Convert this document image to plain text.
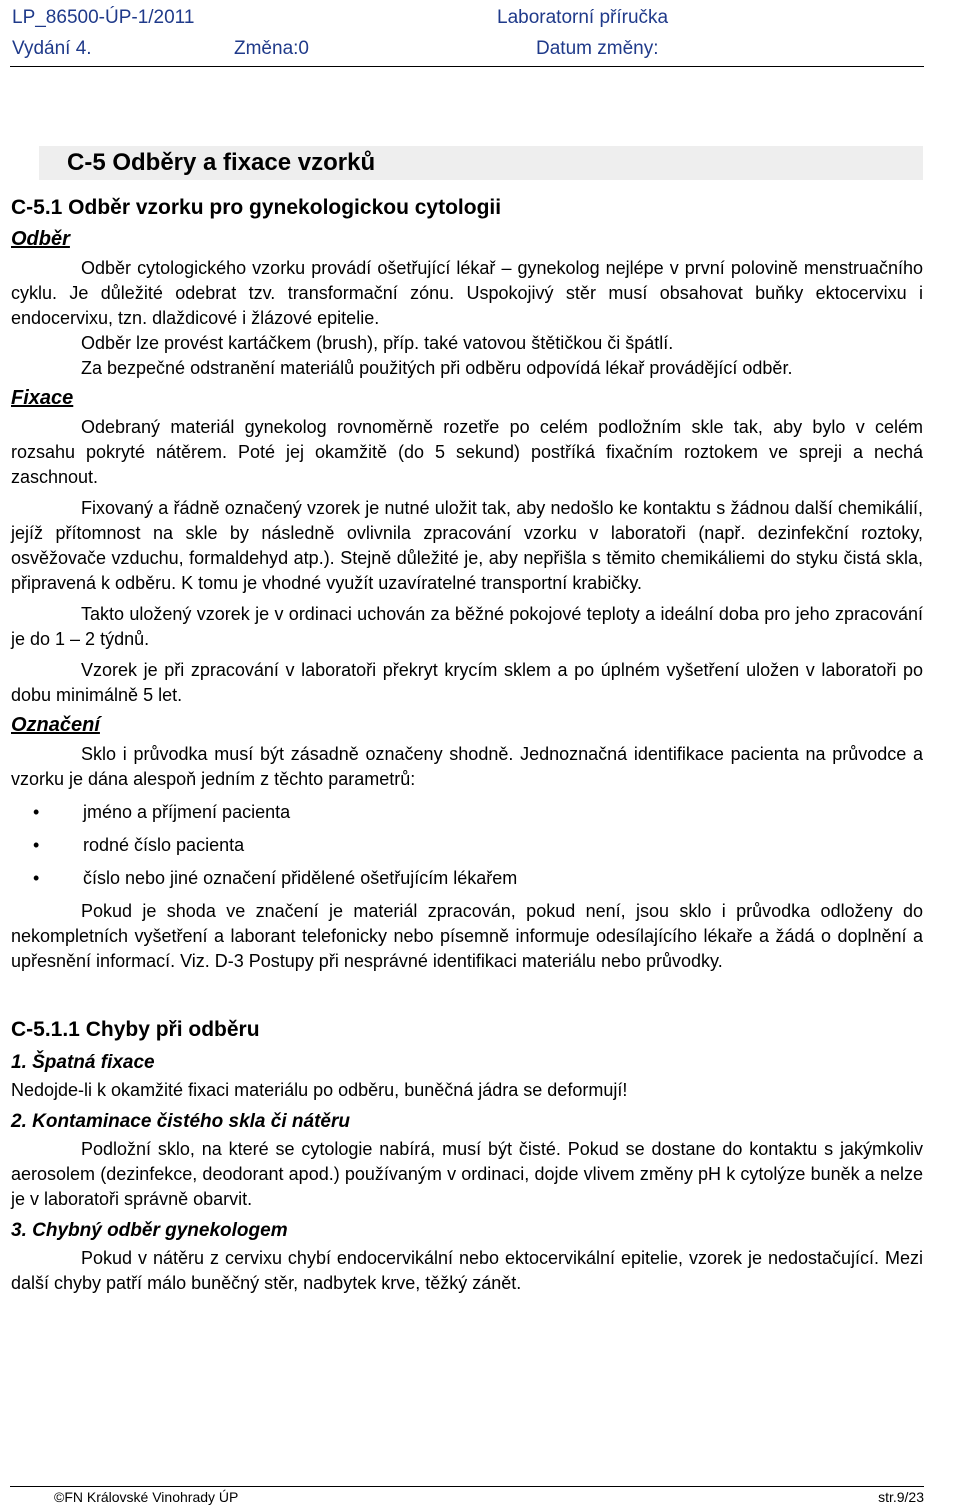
LP_86500-ÚP-1/2011	Laboratorní příručka
Vydání 4.	Změna:0	Datum změny:
C-5 Odběry a fixace vzorků
C-5.1 Odběr vzorku pro gynekologickou cytologii
Odběr

Odběr cytologického vzorku provádí ošetřující lékař – gynekolog nejlépe v první polovině menstruačního cyklu. Je důležité odebrat tzv. transformační zónu. Uspokojivý stěr musí obsahovat buňky ektocervixu i endocervixu, tzn. dlaždicové i žlázové epitelie.

Odběr lze provést kartáčkem (brush), příp. také vatovou štětičkou či špátlí.

Za bezpečné odstranění materiálů použitých při odběru odpovídá lékař provádějící odběr.

Fixace

Odebraný materiál gynekolog rovnoměrně rozetře po celém podložním skle tak, aby bylo v celém rozsahu pokryté nátěrem. Poté jej okamžitě (do 5 sekund) postříká fixačním roztokem ve spreji a nechá zaschnout.

Fixovaný a řádně označený vzorek je nutné uložit tak, aby nedošlo ke kontaktu s žádnou další chemikálií, jejíž přítomnost na skle by následně ovlivnila zpracování vzorku v laboratoři (např. dezinfekční roztoky, osvěžovače vzduchu, formaldehyd atp.). Stejně důležité je, aby nepřišla s těmito chemikáliemi do styku čistá skla, připravená k odběru. K tomu je vhodné využít uzavíratelné transportní krabičky.

Takto uložený vzorek je v ordinaci uchován za běžné pokojové teploty a ideální doba pro jeho zpracování je do 1 – 2 týdnů.

Vzorek je při zpracování v laboratoři překryt krycím sklem a po úplném vyšetření uložen v laboratoři po dobu minimálně 5 let.

Označení

Sklo i průvodka musí být zásadně označeny shodně. Jednoznačná identifikace pacienta na průvodce a vzorku je dána alespoň jedním z těchto parametrů:

• jméno a příjmení pacienta
• rodné číslo pacienta
• číslo nebo jiné označení přidělené ošetřujícím lékařem

Pokud je shoda ve značení je materiál zpracován, pokud není, jsou sklo i průvodka odloženy do nekompletních vyšetření a laborant telefonicky nebo písemně informuje odesílajícího lékaře a žádá o doplnění a upřesnění informací. Viz. D-3 Postupy při nesprávné identifikaci materiálu nebo průvodky.

C-5.1.1 Chyby při odběru
1. Špatná fixace

Nedojde-li k okamžité fixaci materiálu po odběru, buněčná jádra se deformují!

2. Kontaminace čistého skla či nátěru

Podložní sklo, na které se cytologie nabírá, musí být čisté. Pokud se dostane do kontaktu s jakýmkoliv aerosolem (dezinfekce, deodorant apod.) používaným v ordinaci, dojde vlivem změny pH k cytolýze buněk a nelze je v laboratoři správně obarvit.

3. Chybný odběr gynekologem

Pokud v nátěru z cervixu chybí endocervikální nebo ektocervikální epitelie, vzorek je nedostačující. Mezi další chyby patří málo buněčný stěr, nadbytek krve, těžký zánět.

©FN Královské Vinohrady ÚP	str.9/23
